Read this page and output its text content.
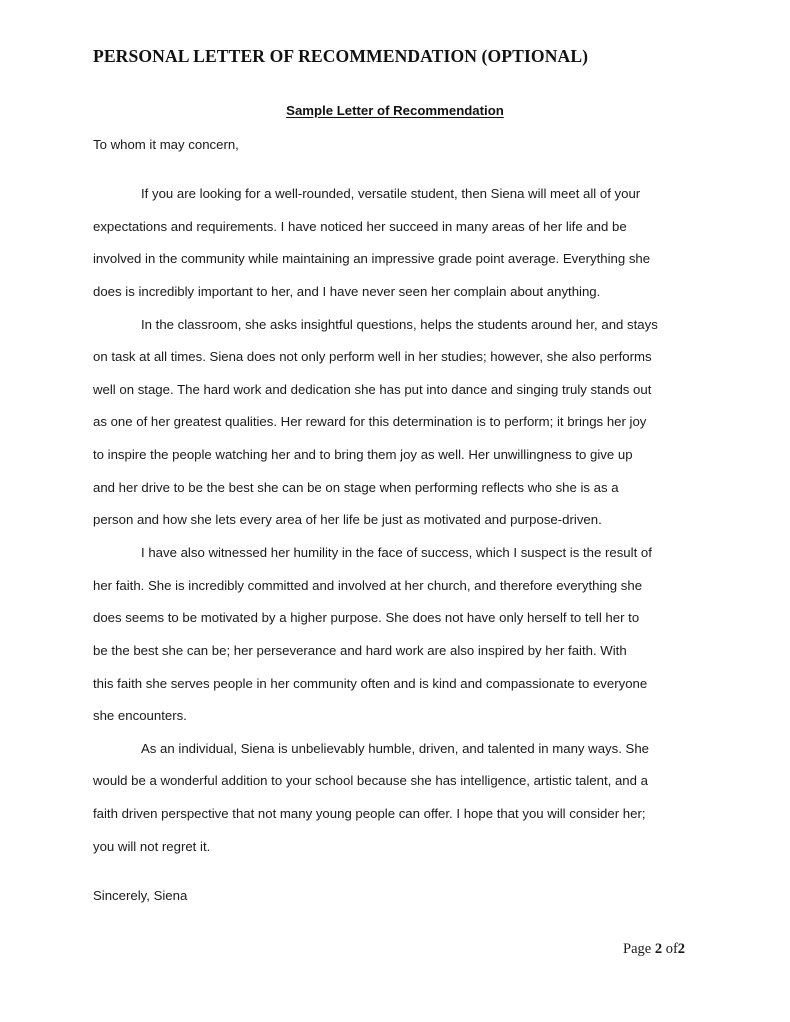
PERSONAL LETTER OF RECOMMENDATION (OPTIONAL)
Sample Letter of Recommendation
To whom it may concern,
If you are looking for a well-rounded, versatile student, then Siena will meet all of your
expectations and requirements. I have noticed her succeed in many areas of her life and be
involved in the community while maintaining an impressive grade point average. Everything she
does is incredibly important to her, and I have never seen her complain about anything.
In the classroom, she asks insightful questions, helps the students around her, and stays
on task at all times. Siena does not only perform well in her studies; however, she also performs
well on stage. The hard work and dedication she has put into dance and singing truly stands out
as one of her greatest qualities. Her reward for this determination is to perform; it brings her joy
to inspire the people watching her and to bring them joy as well. Her unwillingness to give up
and her drive to be the best she can be on stage when performing reflects who she is as a
person and how she lets every area of her life be just as motivated and purpose-driven.
I have also witnessed her humility in the face of success, which I suspect is the result of
her faith. She is incredibly committed and involved at her church, and therefore everything she
does seems to be motivated by a higher purpose. She does not have only herself to tell her to
be the best she can be; her perseverance and hard work are also inspired by her faith. With
this faith she serves people in her community often and is kind and compassionate to everyone
she encounters.
As an individual, Siena is unbelievably humble, driven, and talented in many ways. She
would be a wonderful addition to your school because she has intelligence, artistic talent, and a
faith driven perspective that not many young people can offer. I hope that you will consider her;
you will not regret it.
Sincerely, Siena
Page 2 of2
